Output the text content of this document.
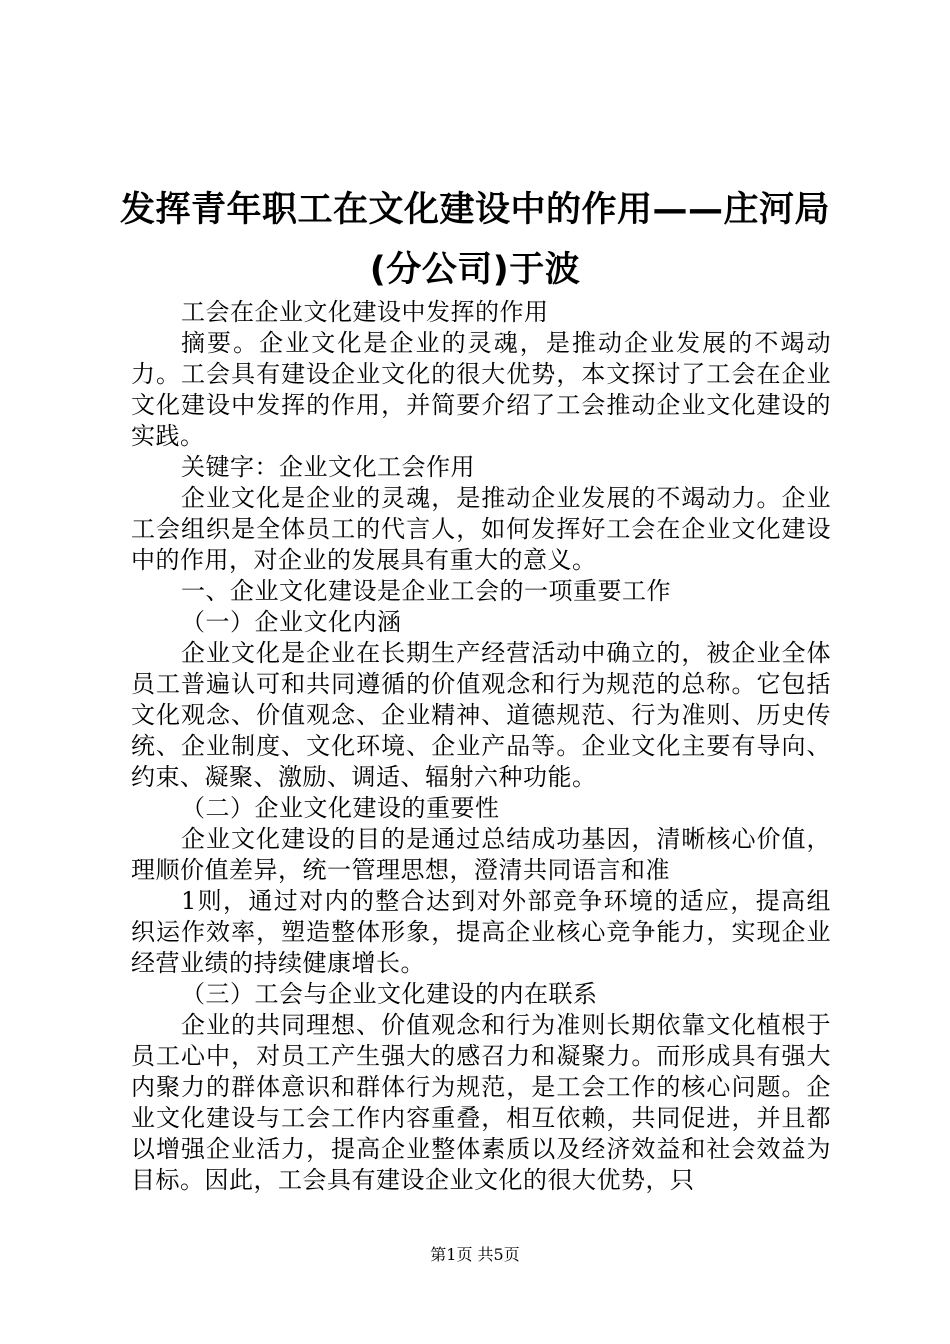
发挥青年职工在文化建设中的作用——庄河局
(分公司)于波

工会在企业文化建设中发挥的作用

摘要。企业文化是企业的灵魂，是推动企业发展的不竭动力。工会具有建设企业文化的很大优势，本文探讨了工会在企业文化建设中发挥的作用，并简要介绍了工会推动企业文化建设的实践。

关键字：企业文化工会作用

企业文化是企业的灵魂，是推动企业发展的不竭动力。企业工会组织是全体员工的代言人，如何发挥好工会在企业文化建设中的作用，对企业的发展具有重大的意义。

一、企业文化建设是企业工会的一项重要工作

（一）企业文化内涵

企业文化是企业在长期生产经营活动中确立的，被企业全体员工普遍认可和共同遵循的价值观念和行为规范的总称。它包括文化观念、价值观念、企业精神、道德规范、行为准则、历史传统、企业制度、文化环境、企业产品等。企业文化主要有导向、约束、凝聚、激励、调适、辐射六种功能。

（二）企业文化建设的重要性

企业文化建设的目的是通过总结成功基因，清晰核心价值，理顺价值差异，统一管理思想，澄清共同语言和准

1则，通过对内的整合达到对外部竞争环境的适应，提高组织运作效率，塑造整体形象，提高企业核心竞争能力，实现企业经营业绩的持续健康增长。

（三）工会与企业文化建设的内在联系

企业的共同理想、价值观念和行为准则长期依靠文化植根于员工心中，对员工产生强大的感召力和凝聚力。而形成具有强大内聚力的群体意识和群体行为规范，是工会工作的核心问题。企业文化建设与工会工作内容重叠，相互依赖，共同促进，并且都以增强企业活力，提高企业整体素质以及经济效益和社会效益为目标。因此，工会具有建设企业文化的很大优势，只

第1页 共5页
